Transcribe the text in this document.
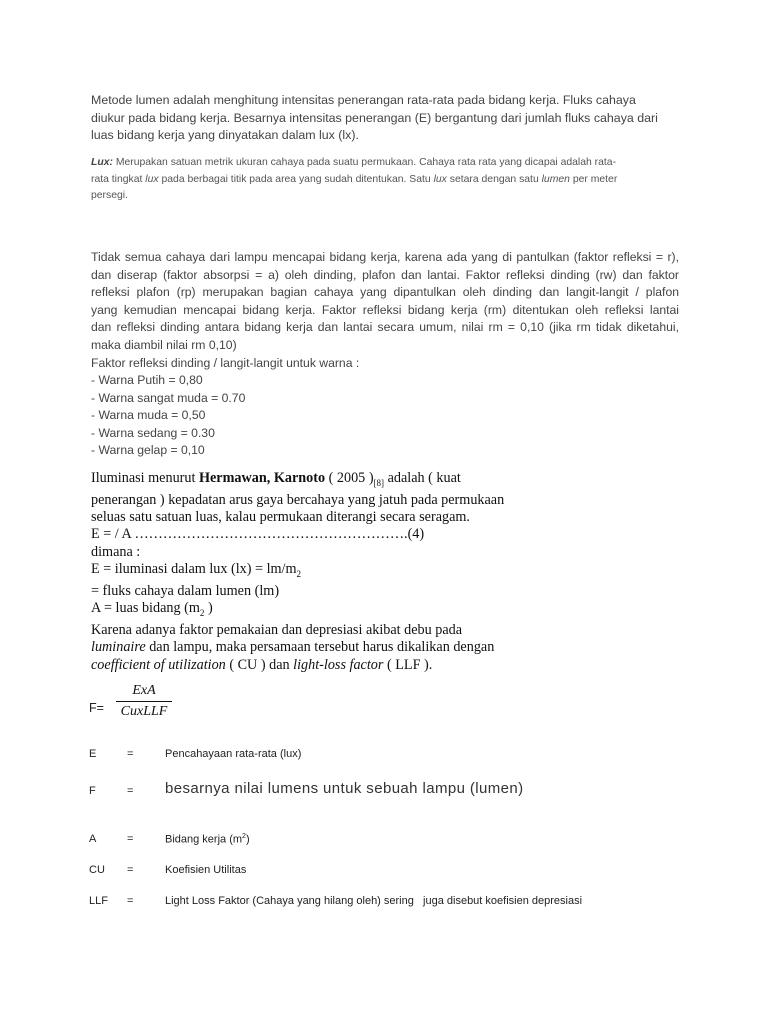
Metode lumen adalah menghitung intensitas penerangan rata-rata pada bidang kerja. Fluks cahaya
diukur pada bidang kerja. Besarnya intensitas penerangan (E) bergantung dari jumlah fluks cahaya dari
luas bidang kerja yang dinyatakan dalam lux (lx).
Lux: Merupakan satuan metrik ukuran cahaya pada suatu permukaan. Cahaya rata rata yang dicapai adalah rata-
rata tingkat lux pada berbagai titik pada area yang sudah ditentukan. Satu lux setara dengan satu lumen per meter
persegi.
Tidak semua cahaya dari lampu mencapai bidang kerja, karena ada yang di pantulkan (faktor refleksi = r),
dan diserap (faktor absorpsi = a) oleh dinding, plafon dan lantai. Faktor refleksi dinding (rw) dan faktor
refleksi plafon (rp) merupakan bagian cahaya yang dipantulkan oleh dinding dan langit-langit / plafon
yang kemudian mencapai bidang kerja. Faktor refleksi bidang kerja (rm) ditentukan oleh refleksi lantai
dan refleksi dinding antara bidang kerja dan lantai secara umum, nilai rm = 0,10 (jika rm tidak diketahui,
maka diambil nilai rm 0,10)
Faktor refleksi dinding / langit-langit untuk warna :
- Warna Putih = 0,80
- Warna sangat muda = 0.70
- Warna muda = 0,50
- Warna sedang = 0.30
- Warna gelap = 0,10
Iluminasi menurut Hermawan, Karnoto ( 2005 )$_{[8]}$ adalah ( kuat
penerangan ) kepadatan arus gaya bercahaya yang jatuh pada permukaan
seluas satu satuan luas, kalau permukaan diterangi secara seragam.
E = / A ………………………………………………….(4)
dimana :
E = iluminasi dalam lux $(lx) = lm/m_2$
= fluks cahaya dalam lumen (lm)
A = luas bidang ($m_2$ )
Karena adanya faktor pemakaian dan depresiasi akibat debu pada
luminaire dan lampu, maka persamaan tersebut harus dikalikan dengan
coefficient of utilization ( CU ) dan light-loss factor ( LLF ).
F=
ExA
CuxLLF
E	=	Pencahayaan rata-rata (lux)
F	= besarnya nilai lumens untuk sebuah lampu (lumen)
A	=	Bidang kerja $(m^2)$
CU =	Koefisien Utilitas
LLF =	Light Loss Faktor (Cahaya yang hilang oleh) sering   juga disebut koefisien depresiasi
